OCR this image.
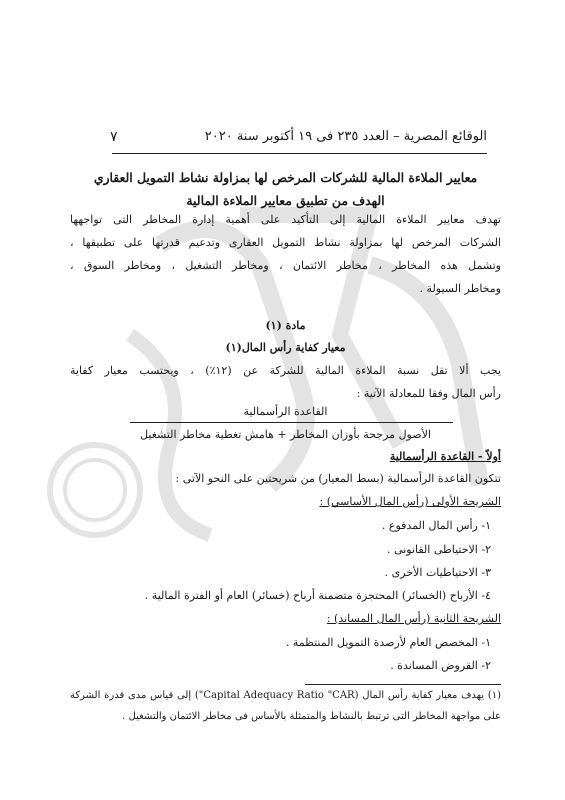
الوقائع المصرية – العدد ٢٣٥ فى ١٩ أكتوبر سنة ٢٠٢٠
٧
معايير الملاءة المالية للشركات المرخص لها بمزاولة نشاط التمويل العقاري
الهدف من تطبيق معايير الملاءة المالية
تهدف معايير الملاءة المالية إلى التأكيد على أهمية إدارة المخاطر التى تواجهها
الشركات المرخص لها بمزاولة نشاط التمويل العقارى وتدعيم قدرتها على تطبيقها ،
وتشمل هذه المخاطر ، مخاطر الائتمان ، ومخاطر التشغيل ، ومخاطر السوق ،
ومخاطر السيولة .
مادة (١)
معيار كفاية رأس المال(١)
يجب ألا تقل نسبة الملاءة المالية للشركة عن (١٢٪) ، ويحتسب معيار كفاية
رأس المال وفقا للمعادلة الآتية :
القاعدة الرأسمالية
الأصول مرجحة بأوزان المخاطر + هامش تغطية مخاطر التشغيل
أولاً - القاعدة الرأسمالية
تتكون القاعدة الرأسمالية (بسط المعيار) من شريحتين على النحو الآتى :
الشريحة الأولى (رأس المال الأساسي) :
١- رأس المال المدفوع .
٢- الاحتياطى القانونى .
٣- الاحتياطيات الأخرى .
٤- الأرباح (الخسائر) المحتجزة متضمنة أرباح (خسائر) العام أو الفترة المالية .
الشريحة الثانية (رأس المال المساند) :
١- المخصص العام لأرصدة التمويل المنتظمة .
٢- القروض المساندة .
(١) يهدف معيار كفاية رأس المال (Capital Adequacy Ratio "CAR") إلى قياس مدى قدرة الشركة
على مواجهة المخاطر التى ترتبط بالنشاط والمتمثلة بالأساس فى مخاطر الائتمان والتشغيل .
